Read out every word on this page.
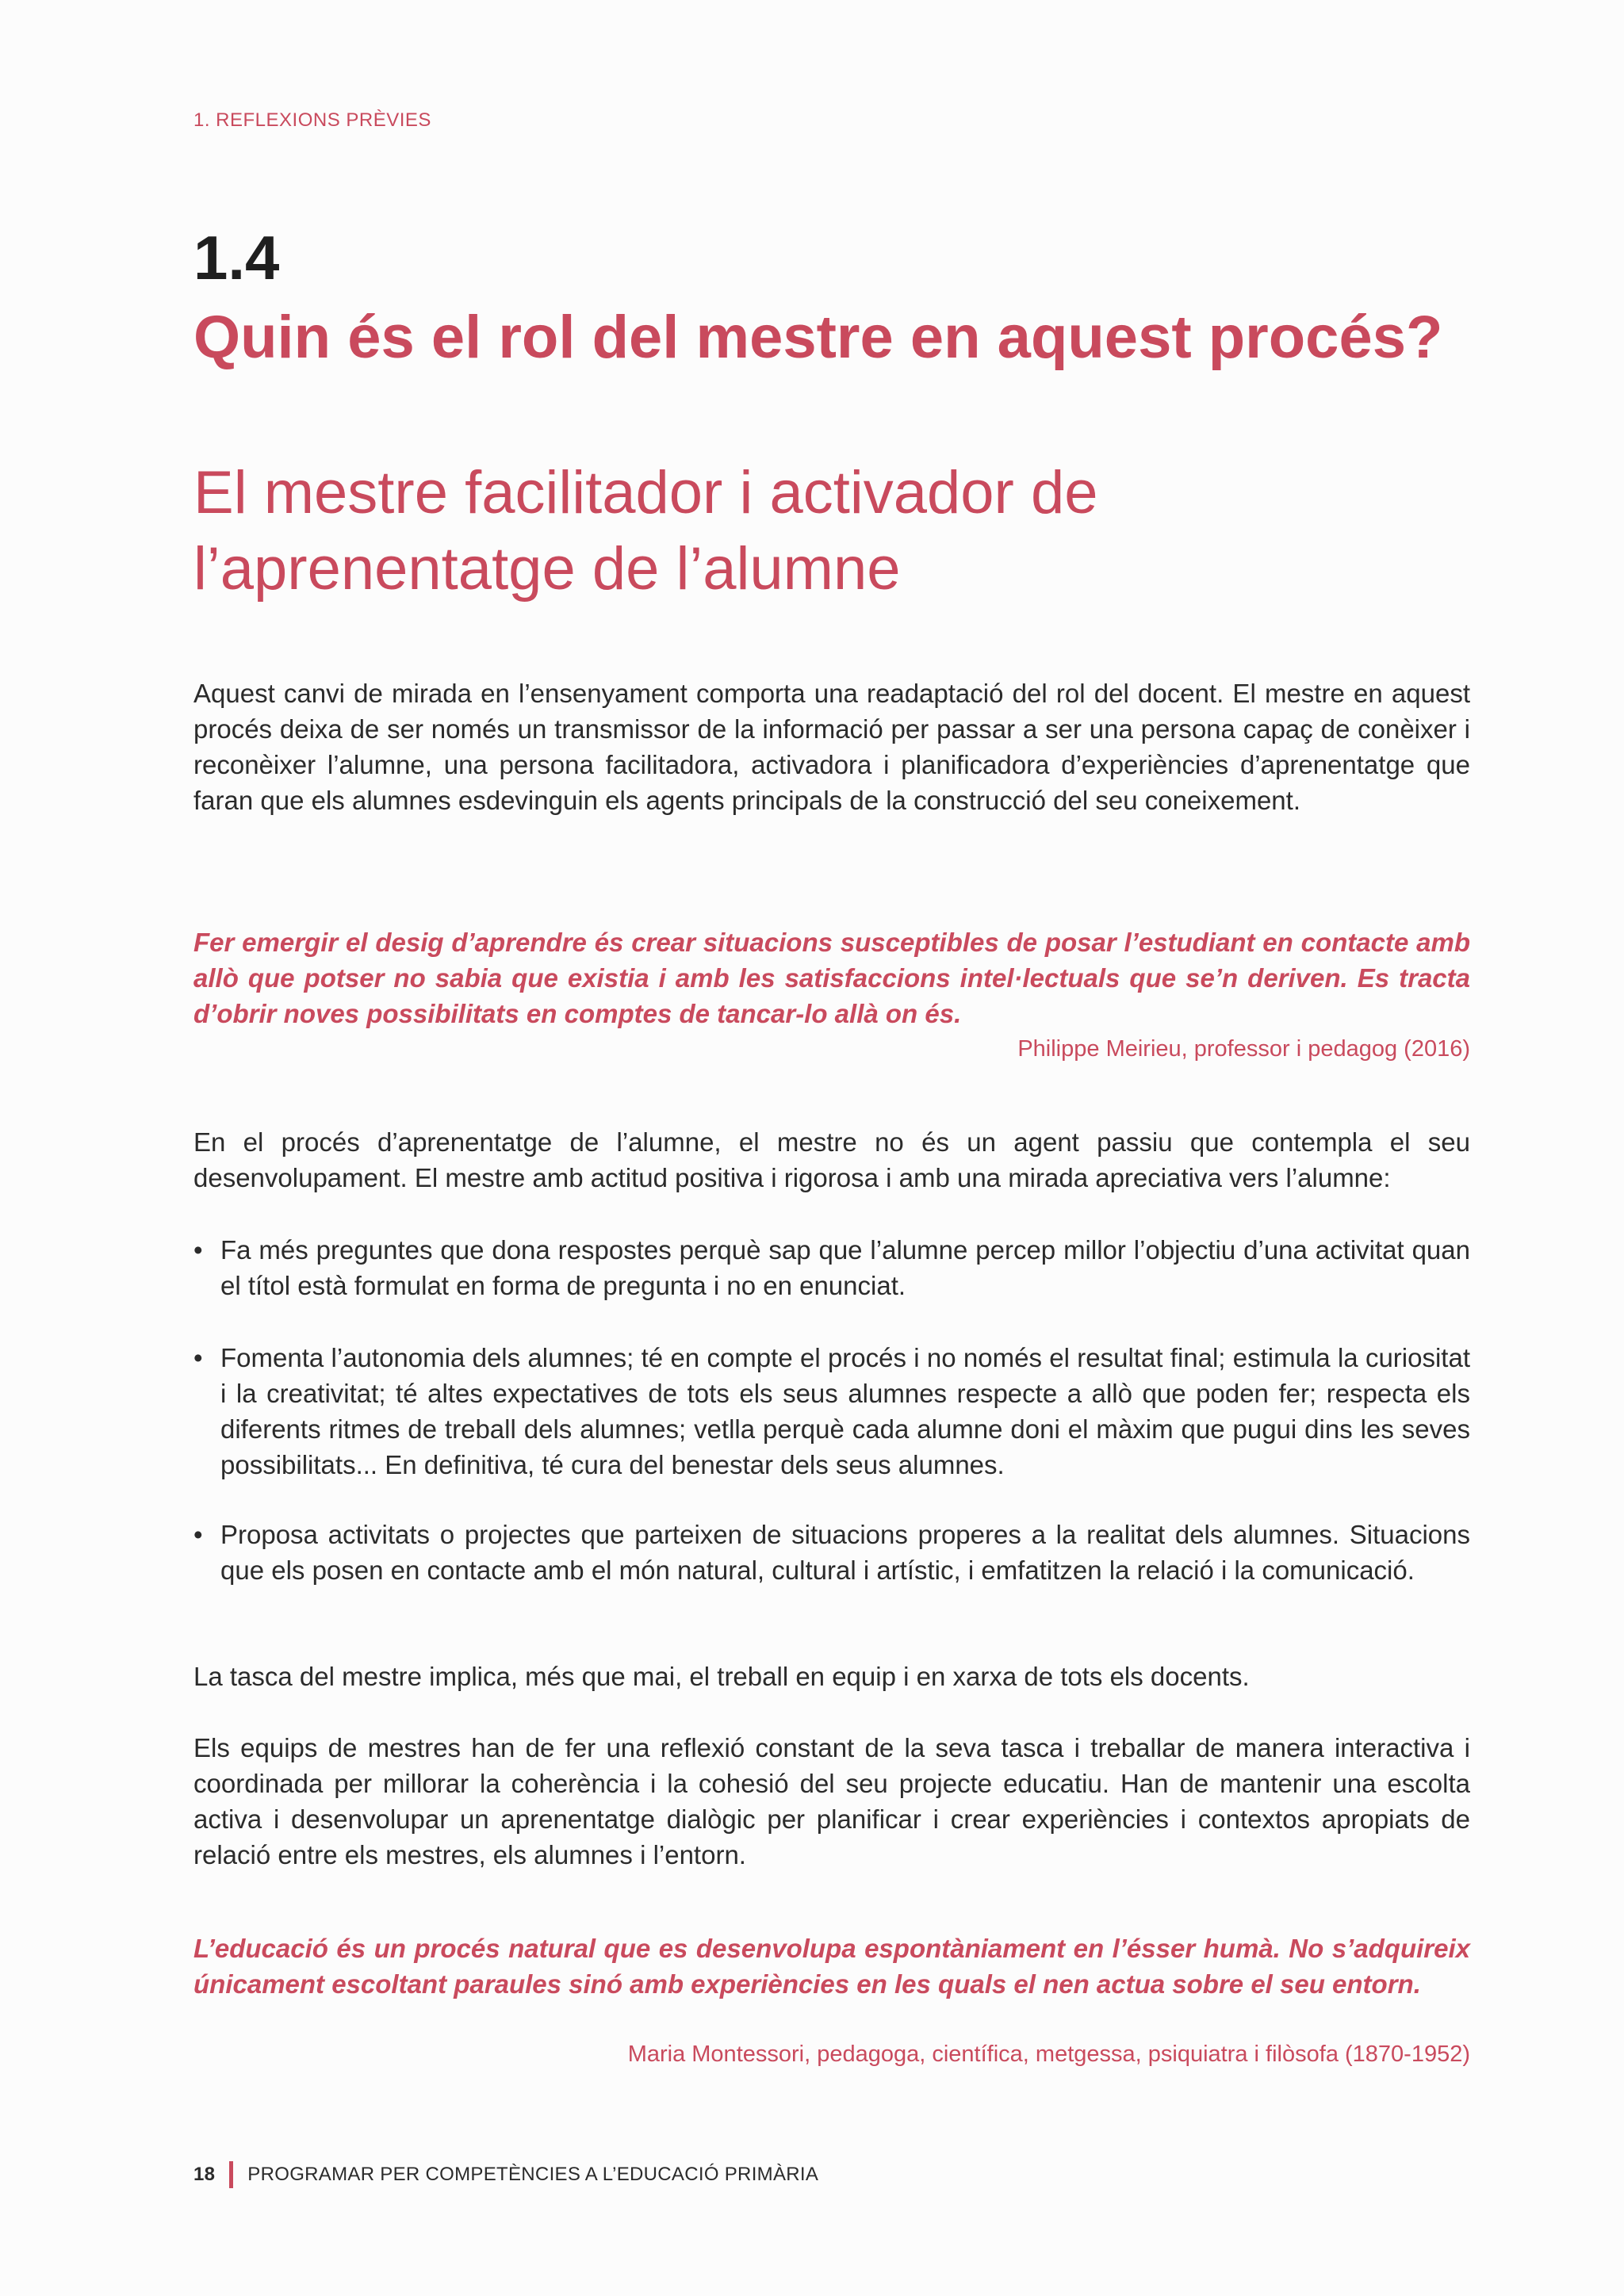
1. REFLEXIONS PRÈVIES
1.4
Quin és el rol del mestre en aquest procés?
El mestre facilitador i activador de l’aprenentatge de l’alumne

Aquest canvi de mirada en l’ensenyament comporta una readaptació del rol del docent. El mestre en aquest procés deixa de ser només un transmissor de la informació per passar a ser una persona capaç de conèixer i reconèixer l’alumne, una persona facilitadora, activadora i planificadora d’experiències d’aprenentatge que faran que els alumnes esdevinguin els agents principals de la construcció del seu coneixement.

Fer emergir el desig d’aprendre és crear situacions susceptibles de posar l’estudiant en contacte amb allò que potser no sabia que existia i amb les satisfaccions intel·lectuals que se’n deriven. Es tracta d’obrir noves possibilitats en comptes de tancar-lo allà on és.

Philippe Meirieu, professor i pedagog (2016)

En el procés d’aprenentatge de l’alumne, el mestre no és un agent passiu que contempla el seu desenvolupament. El mestre amb actitud positiva i rigorosa i amb una mirada apreciativa vers l’alumne:

• Fa més preguntes que dona respostes perquè sap que l’alumne percep millor l’objectiu d’una activitat quan el títol està formulat en forma de pregunta i no en enunciat.
• Fomenta l’autonomia dels alumnes; té en compte el procés i no només el resultat final; estimula la curiositat i la creativitat; té altes expectatives de tots els seus alumnes respecte a allò que poden fer; respecta els diferents ritmes de treball dels alumnes; vetlla perquè cada alumne doni el màxim que pugui dins les seves possibilitats... En definitiva, té cura del benestar dels seus alumnes.
• Proposa activitats o projectes que parteixen de situacions properes a la realitat dels alumnes. Situacions que els posen en contacte amb el món natural, cultural i artístic, i emfatitzen la relació i la comunicació.

La tasca del mestre implica, més que mai, el treball en equip i en xarxa de tots els docents.

Els equips de mestres han de fer una reflexió constant de la seva tasca i treballar de manera interactiva i coordinada per millorar la coherència i la cohesió del seu projecte educatiu. Han de mantenir una escolta activa i desenvolupar un aprenentatge dialògic per planificar i crear experiències i contextos apropiats de relació entre els mestres, els alumnes i l’entorn.

L’educació és un procés natural que es desenvolupa espontàniament en l’ésser humà. No s’adquireix únicament escoltant paraules sinó amb experiències en les quals el nen actua sobre el seu entorn.

Maria Montessori, pedagoga, científica, metgessa, psiquiatra i filòsofa (1870-1952)
18 PROGRAMAR PER COMPETÈNCIES A L’EDUCACIÓ PRIMÀRIA
